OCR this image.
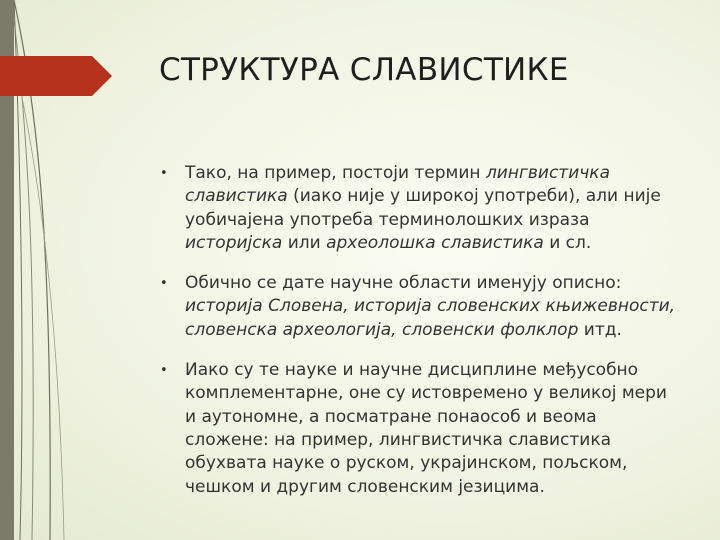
СТРУКТУРА СЛАВИСТИКЕ
• Тако, на пример, постоји термин лингвистичка славистика (иако није у широкој употреби), али није уобичајена употреба терминолошких израза историјска или археолошка славистика и сл.
• Обично се дате научне области именују описно: историја Словена, историја словенских књижевности, словенска археологија, словенски фолклор итд.
• Иако су те науке и научне дисциплине међусобно комплементарне, оне су истовремено у великој мери и аутономне, а посматране понаособ и веома сложене: на пример, лингвистичка славистика обухвата науке о руском, украјинском, пољском, чешком и другим словенским језицима.
